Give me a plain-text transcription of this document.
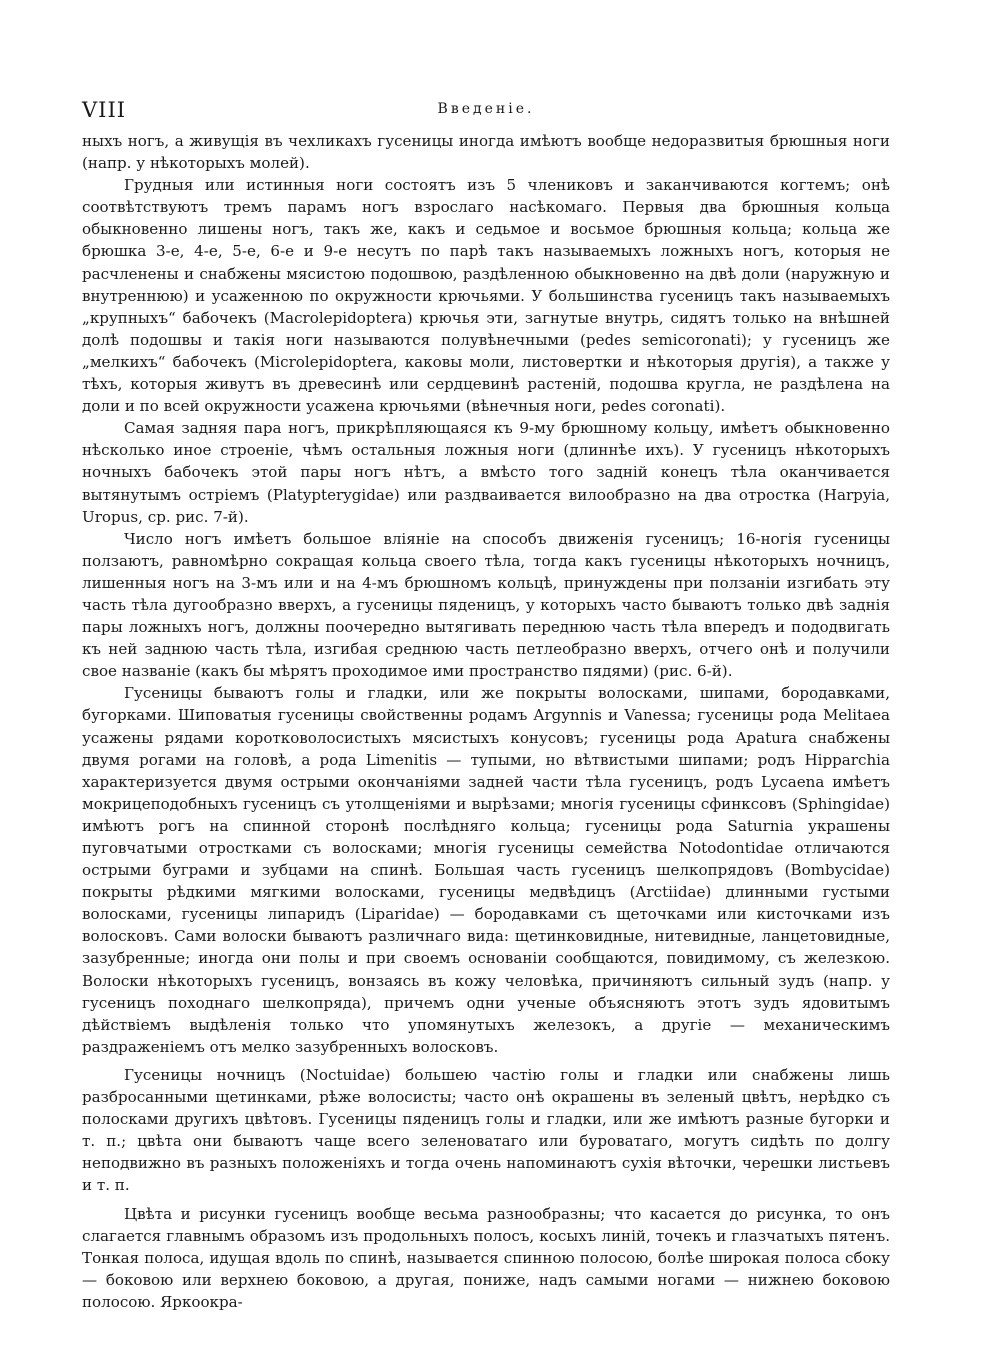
VIII	Введеніе.

ныхъ ногъ, а живущія въ чехликахъ гусеницы иногда имѣютъ вообще недоразвитыя брюшныя ноги (напр. у нѣкоторыхъ молей).

Грудныя или истинныя ноги состоятъ изъ 5 члениковъ и заканчиваются когтемъ; онѣ соотвѣтствуютъ тремъ парамъ ногъ взрослаго насѣкомаго. Первыя два брюшныя кольца обыкновенно лишены ногъ, такъ же, какъ и седьмое и восьмое брюшныя кольца; кольца же брюшка 3-е, 4-е, 5-е, 6-е и 9-е несутъ по парѣ такъ называемыхъ ложныхъ ногъ, которыя не расчленены и снабжены мясистою подошвою, раздѣленною обыкновенно на двѣ доли (наружную и внутреннюю) и усаженною по окружности крючьями. У большинства гусеницъ такъ называемыхъ „крупныхъ“ бабочекъ (Macrolepidoptera) крючья эти, загнутые внутрь, сидятъ только на внѣшней долѣ подошвы и такія ноги называются полувѣнечными (pedes semicoronati); у гусеницъ же „мелкихъ“ бабочекъ (Microlepidoptera, каковы моли, листовертки и нѣкоторыя другія), а также у тѣхъ, которыя живутъ въ древесинѣ или сердцевинѣ растеній, подошва кругла, не раздѣлена на доли и по всей окружности усажена крючьями (вѣнечныя ноги, pedes coronati).

Самая задняя пара ногъ, прикрѣпляющаяся къ 9-му брюшному кольцу, имѣетъ обыкновенно нѣсколько иное строеніе, чѣмъ остальныя ложныя ноги (длиннѣе ихъ). У гусеницъ нѣкоторыхъ ночныхъ бабочекъ этой пары ногъ нѣтъ, а вмѣсто того задній конецъ тѣла оканчивается вытянутымъ остріемъ (Platypterygidae) или раздваивается вилообразно на два отростка (Harpyia, Uropus, ср. рис. 7-й).

Число ногъ имѣетъ большое вліяніе на способъ движенія гусеницъ; 16-ногія гусеницы ползаютъ, равномѣрно сокращая кольца своего тѣла, тогда какъ гусеницы нѣкоторыхъ ночницъ, лишенныя ногъ на 3-мъ или и на 4-мъ брюшномъ кольцѣ, принуждены при ползаніи изгибать эту часть тѣла дугообразно вверхъ, а гусеницы пяденицъ, у которыхъ часто бываютъ только двѣ заднія пары ложныхъ ногъ, должны поочередно вытягивать переднюю часть тѣла впередъ и пододвигать къ ней заднюю часть тѣла, изгибая среднюю часть петлеобразно вверхъ, отчего онѣ и получили свое названіе (какъ бы мѣрятъ проходимое ими пространство пядями) (рис. 6-й).

Гусеницы бываютъ голы и гладки, или же покрыты волосками, шипами, бородавками, бугорками. Шиповатыя гусеницы свойственны родамъ Argynnis и Vanessa; гусеницы рода Melitaea усажены рядами коротковолосистыхъ мясистыхъ конусовъ; гусеницы рода Apatura снабжены двумя рогами на головѣ, а рода Limenitis — тупыми, но вѣтвистыми шипами; родъ Hipparchia характеризуется двумя острыми окончаніями задней части тѣла гусеницъ, родъ Lycaena имѣетъ мокрицеподобныхъ гусеницъ съ утолщеніями и вырѣзами; многія гусеницы сфинксовъ (Sphingidae) имѣютъ рогъ на спинной сторонѣ послѣдняго кольца; гусеницы рода Saturnia украшены пуговчатыми отростками съ волосками; многія гусеницы семейства Notodontidae отличаются острыми буграми и зубцами на спинѣ. Большая часть гусеницъ шелкопрядовъ (Bombycidae) покрыты рѣдкими мягкими волосками, гусеницы медвѣдицъ (Arctiidae) длинными густыми волосками, гусеницы липаридъ (Liparidae) — бородавками съ щеточками или кисточками изъ волосковъ. Сами волоски бываютъ различнаго вида: щетинковидные, нитевидные, ланцетовидные, зазубренные; иногда они полы и при своемъ основаніи сообщаются, повидимому, съ железкою. Волоски нѣкоторыхъ гусеницъ, вонзаясь въ кожу человѣка, причиняютъ сильный зудъ (напр. у гусеницъ походнаго шелкопряда), причемъ одни ученые объясняютъ этотъ зудъ ядовитымъ дѣйствіемъ выдѣленія только что упомянутыхъ железокъ, а другіе — механическимъ раздраженіемъ отъ мелко зазубренныхъ волосковъ.

Гусеницы ночницъ (Noctuidae) большею частію голы и гладки или снабжены лишь разбросанными щетинками, рѣже волосисты; часто онѣ окрашены въ зеленый цвѣтъ, нерѣдко съ полосками другихъ цвѣтовъ. Гусеницы пяденицъ голы и гладки, или же имѣютъ разные бугорки и т. п.; цвѣта они бываютъ чаще всего зеленоватаго или буроватаго, могутъ сидѣть по долгу неподвижно въ разныхъ положеніяхъ и тогда очень напоминаютъ сухія вѣточки, черешки листьевъ и т. п.

Цвѣта и рисунки гусеницъ вообще весьма разнообразны; что касается до рисунка, то онъ слагается главнымъ образомъ изъ продольныхъ полосъ, косыхъ линій, точекъ и глазчатыхъ пятенъ. Тонкая полоса, идущая вдоль по спинѣ, называется спинною полосою, болѣе широкая полоса сбоку — боковою или верхнею боковою, а другая, пониже, надъ самыми ногами — нижнею боковою полосою. Яркоокра-
